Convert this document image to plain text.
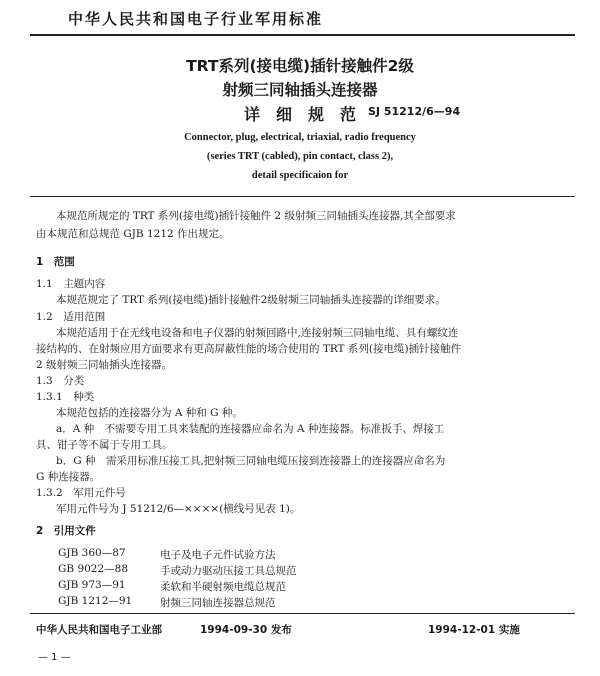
中华人民共和国电子行业军用标准
TRT系列(接电缆)插针接触件2级
射频三同轴插头连接器
详　细　规　范	SJ 51212/6—94
Connector, plug, electrical, triaxial, radio frequency
(series TRT (cabled), pin contact, class 2),
detail specificaion for
本规范所规定的 TRT 系列(接电缆)插针接触件 2 级射频三同轴插头连接器,其全部要求
由本规范和总规范 GJB 1212 作出规定。
1　范围
1.1　主题内容
本规范规定了 TRT 系列(接电缆)插针接触件2级射频三同轴插头连接器的详细要求。
1.2　适用范围
本规范适用于在无线电设备和电子仪器的射频回路中,连接射频三同轴电缆、具有螺纹连
接结构的、在射频应用方面要求有更高屏蔽性能的场合使用的 TRT 系列(接电缆)插针接触件
2 级射频三同轴插头连接器。
1.3　分类
1.3.1　种类
本规范包括的连接器分为 A 种和 G 种。
a．A 种　不需要专用工具来装配的连接器应命名为 A 种连接器。标准扳手、焊接工
具、钳子等不属于专用工具。
b．G 种　需采用标准压接工具,把射频三同轴电缆压接到连接器上的连接器应命名为
G 种连接器。
1.3.2　军用元件号
军用元件号为 J 51212/6—××××(横线号见表 1)。
2　引用文件
GJB 360—87	电子及电子元件试验方法
GB 9022—88	手或动力驱动压接工具总规范
GJB 973—91	柔软和半硬射频电缆总规范
GJB 1212—91	射频三同轴连接器总规范
中华人民共和国电子工业部	1994-09-30 发布	1994-12-01 实施
— 1 —
